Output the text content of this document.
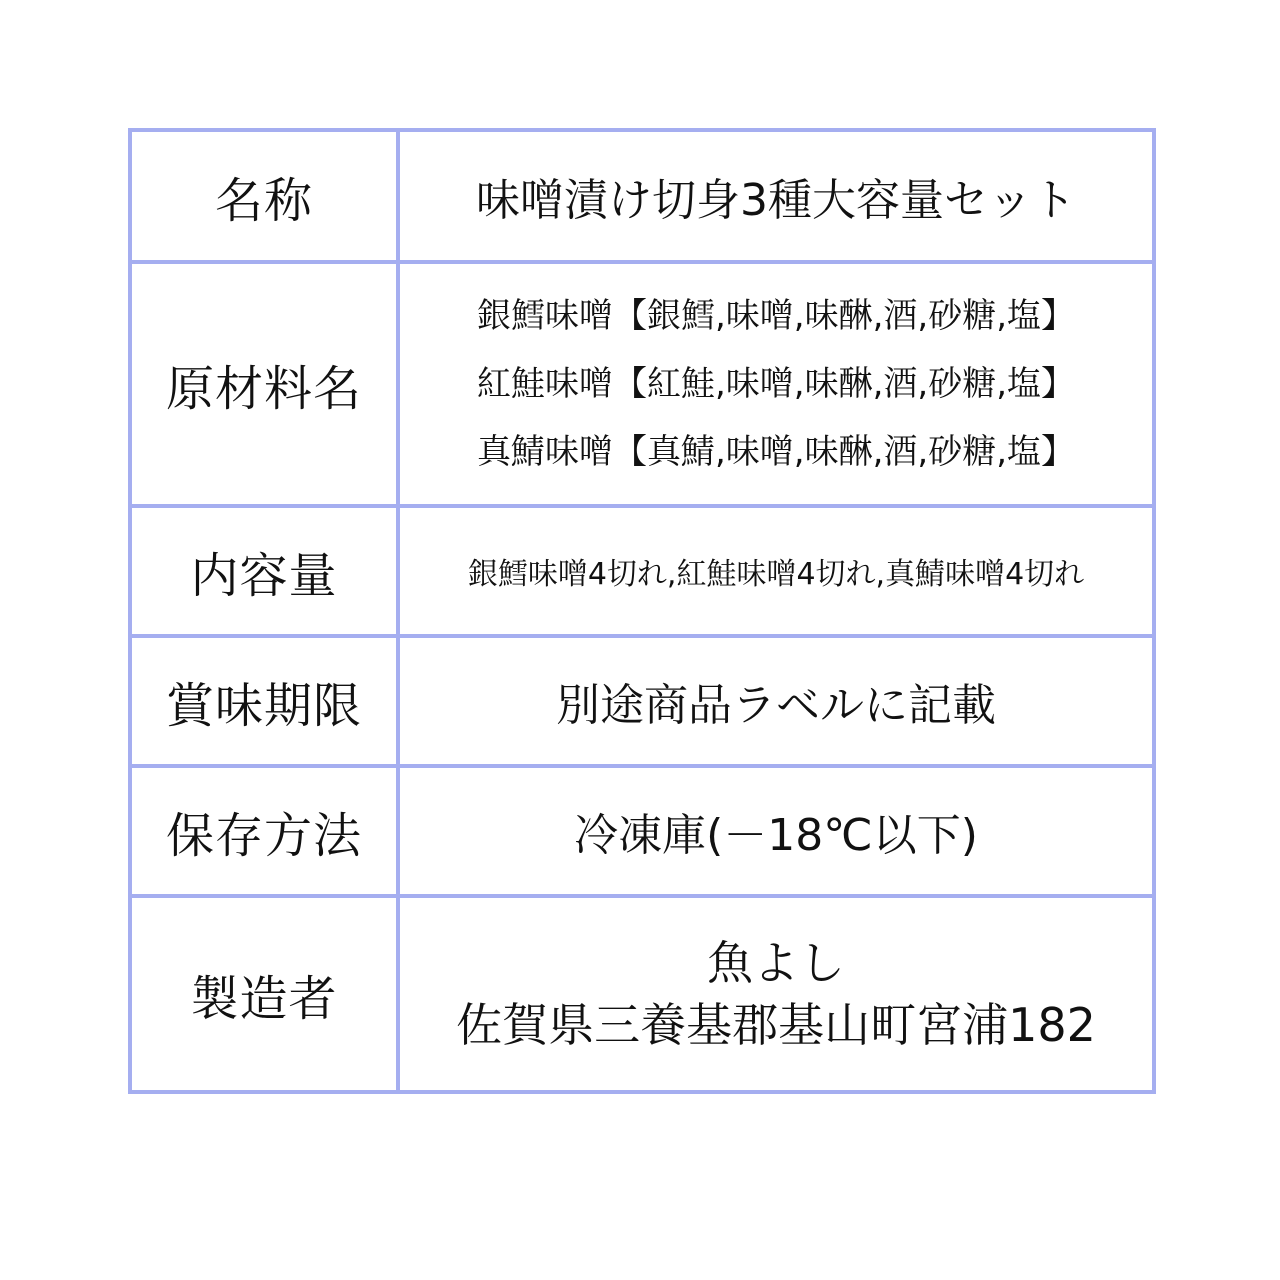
名称	味噌漬け切身3種大容量セット
原材料名	銀鱈味噌【銀鱈,味噌,味醂,酒,砂糖,塩】
紅鮭味噌【紅鮭,味噌,味醂,酒,砂糖,塩】
真鯖味噌【真鯖,味噌,味醂,酒,砂糖,塩】

内容量	銀鱈味噌4切れ,紅鮭味噌4切れ,真鯖味噌4切れ
賞味期限	別途商品ラベルに記載
保存方法	冷凍庫(－18℃以下)
製造者	魚よし
佐賀県三養基郡基山町宮浦182
